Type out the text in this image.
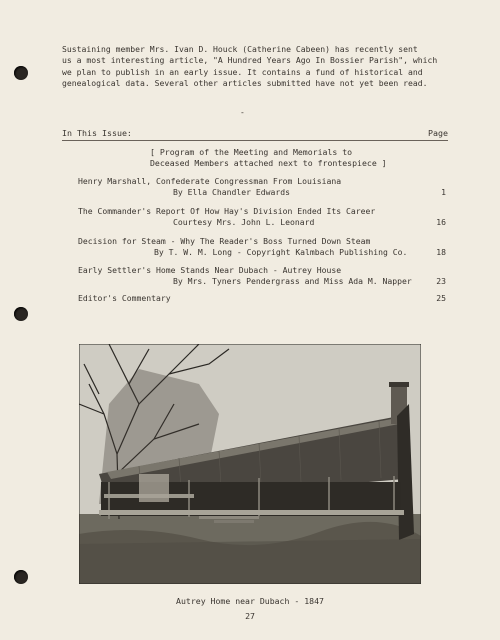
Sustaining member Mrs. Ivan D. Houck (Catherine Cabeen) has recently sent
us a most interesting article, "A Hundred Years Ago In Bossier Parish", which
we plan to publish in an early issue. It contains a fund of historical and
genealogical data. Several other articles submitted have not yet been read.
-
In This Issue:	Page
[ Program of the Meeting and Memorials to
Deceased Members attached next to frontespiece ]
Henry Marshall, Confederate Congressman From Louisiana
By Ella Chandler Edwards	1
The Commander's Report Of How Hay's Division Ended Its Career
Courtesy Mrs. John L. Leonard	16
Decision for Steam - Why The Reader's Boss Turned Down Steam
By T. W. M. Long - Copyright Kalmbach Publishing Co.	18
Early Settler's Home Stands Near Dubach - Autrey House
By Mrs. Tyners Pendergrass and Miss Ada M. Napper	23
Editor's Commentary	25
Autrey Home near Dubach - 1847
27
